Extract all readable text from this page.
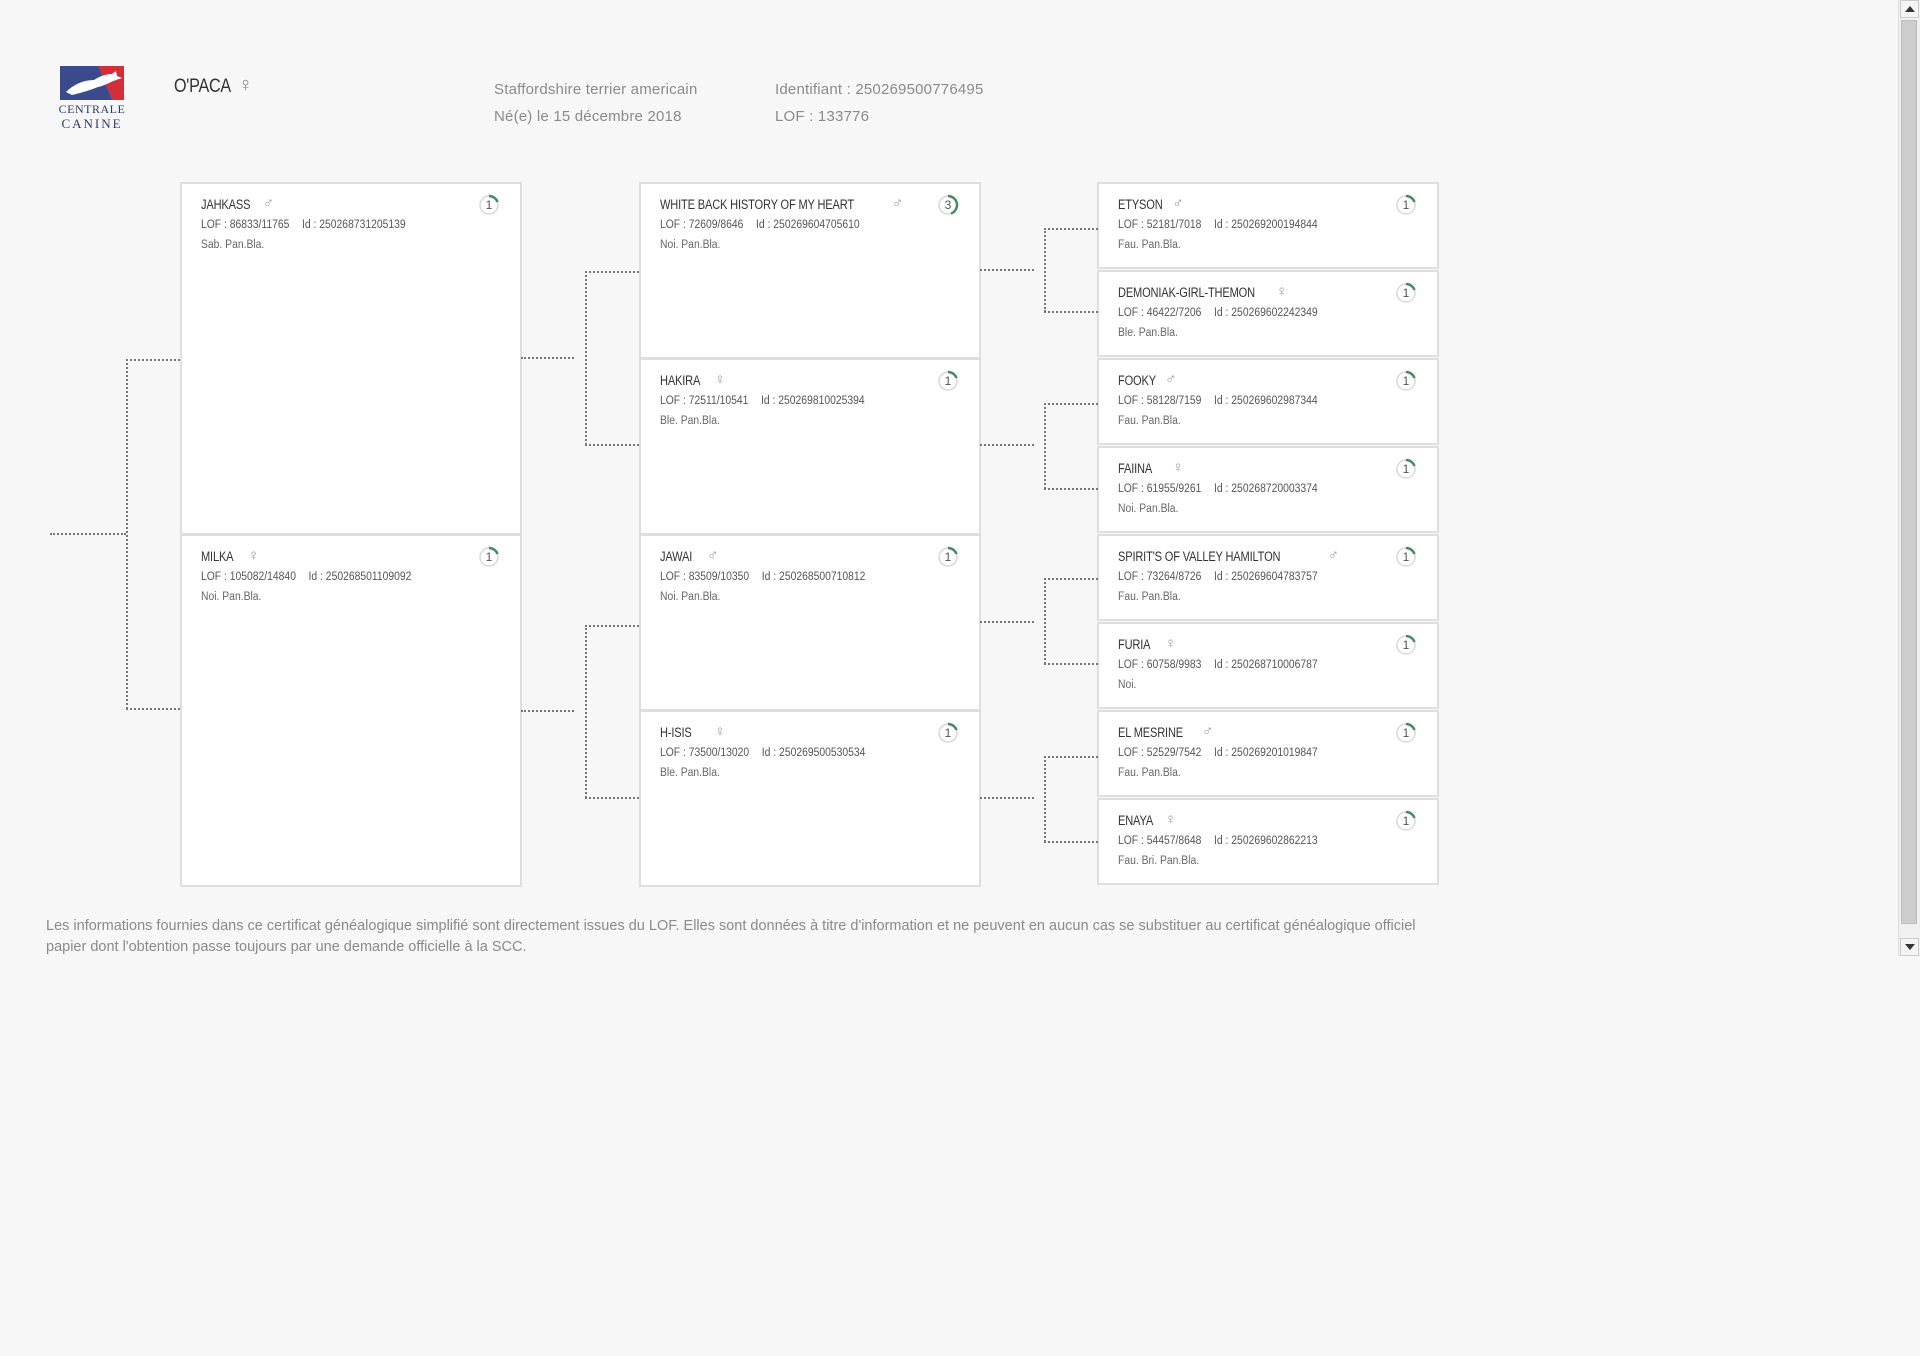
CENTRALE
CANINE
O'PACA ♀	Staffordshire terrier americain
Né(e) le 15 décembre 2018
Identifiant : 250269500776495
LOF : 133776
JAHKASS ♂
LOF : 86833/11765 Id : 250268731205139
Sab. Pan.Bla.
1
MILKA ♀
LOF : 105082/14840 Id : 250268501109092
Noi. Pan.Bla.
1
WHITE BACK HISTORY OF MY HEART	♂
LOF : 72609/8646 Id : 250269604705610
Noi. Pan.Bla.
3
HAKIRA ♀
LOF : 72511/10541 Id : 250269810025394
Ble. Pan.Bla.
1
JAWAI ♂
LOF : 83509/10350 Id : 250268500710812
Noi. Pan.Bla.
1
H-ISIS ♀
LOF : 73500/13020 Id : 250269500530534
Ble. Pan.Bla.
1
ETYSON ♂
LOF : 52181/7018 Id : 250269200194844
Fau. Pan.Bla.
1
DEMONIAK-GIRL-THEMON ♀
LOF : 46422/7206 Id : 250269602242349
Ble. Pan.Bla.
1
FOOKY ♂
LOF : 58128/7159 Id : 250269602987344
Fau. Pan.Bla.
1
FAIINA ♀
LOF : 61955/9261 Id : 250268720003374
Noi. Pan.Bla.
1
SPIRIT'S OF VALLEY HAMILTON	♂
LOF : 73264/8726 Id : 250269604783757
Fau. Pan.Bla.
1
FURIA ♀
LOF : 60758/9983 Id : 250268710006787
Noi.
1
EL MESRINE ♂
LOF : 52529/7542 Id : 250269201019847
Fau. Pan.Bla.
1
ENAYA ♀
LOF : 54457/8648 Id : 250269602862213
Fau. Bri. Pan.Bla.
1
Les informations fournies dans ce certificat généalogique simplifié sont directement issues du LOF. Elles sont données à titre d'information et ne peuvent en aucun cas se substituer au certificat généalogique officiel papier dont l'obtention passe toujours par une demande officielle à la SCC.
